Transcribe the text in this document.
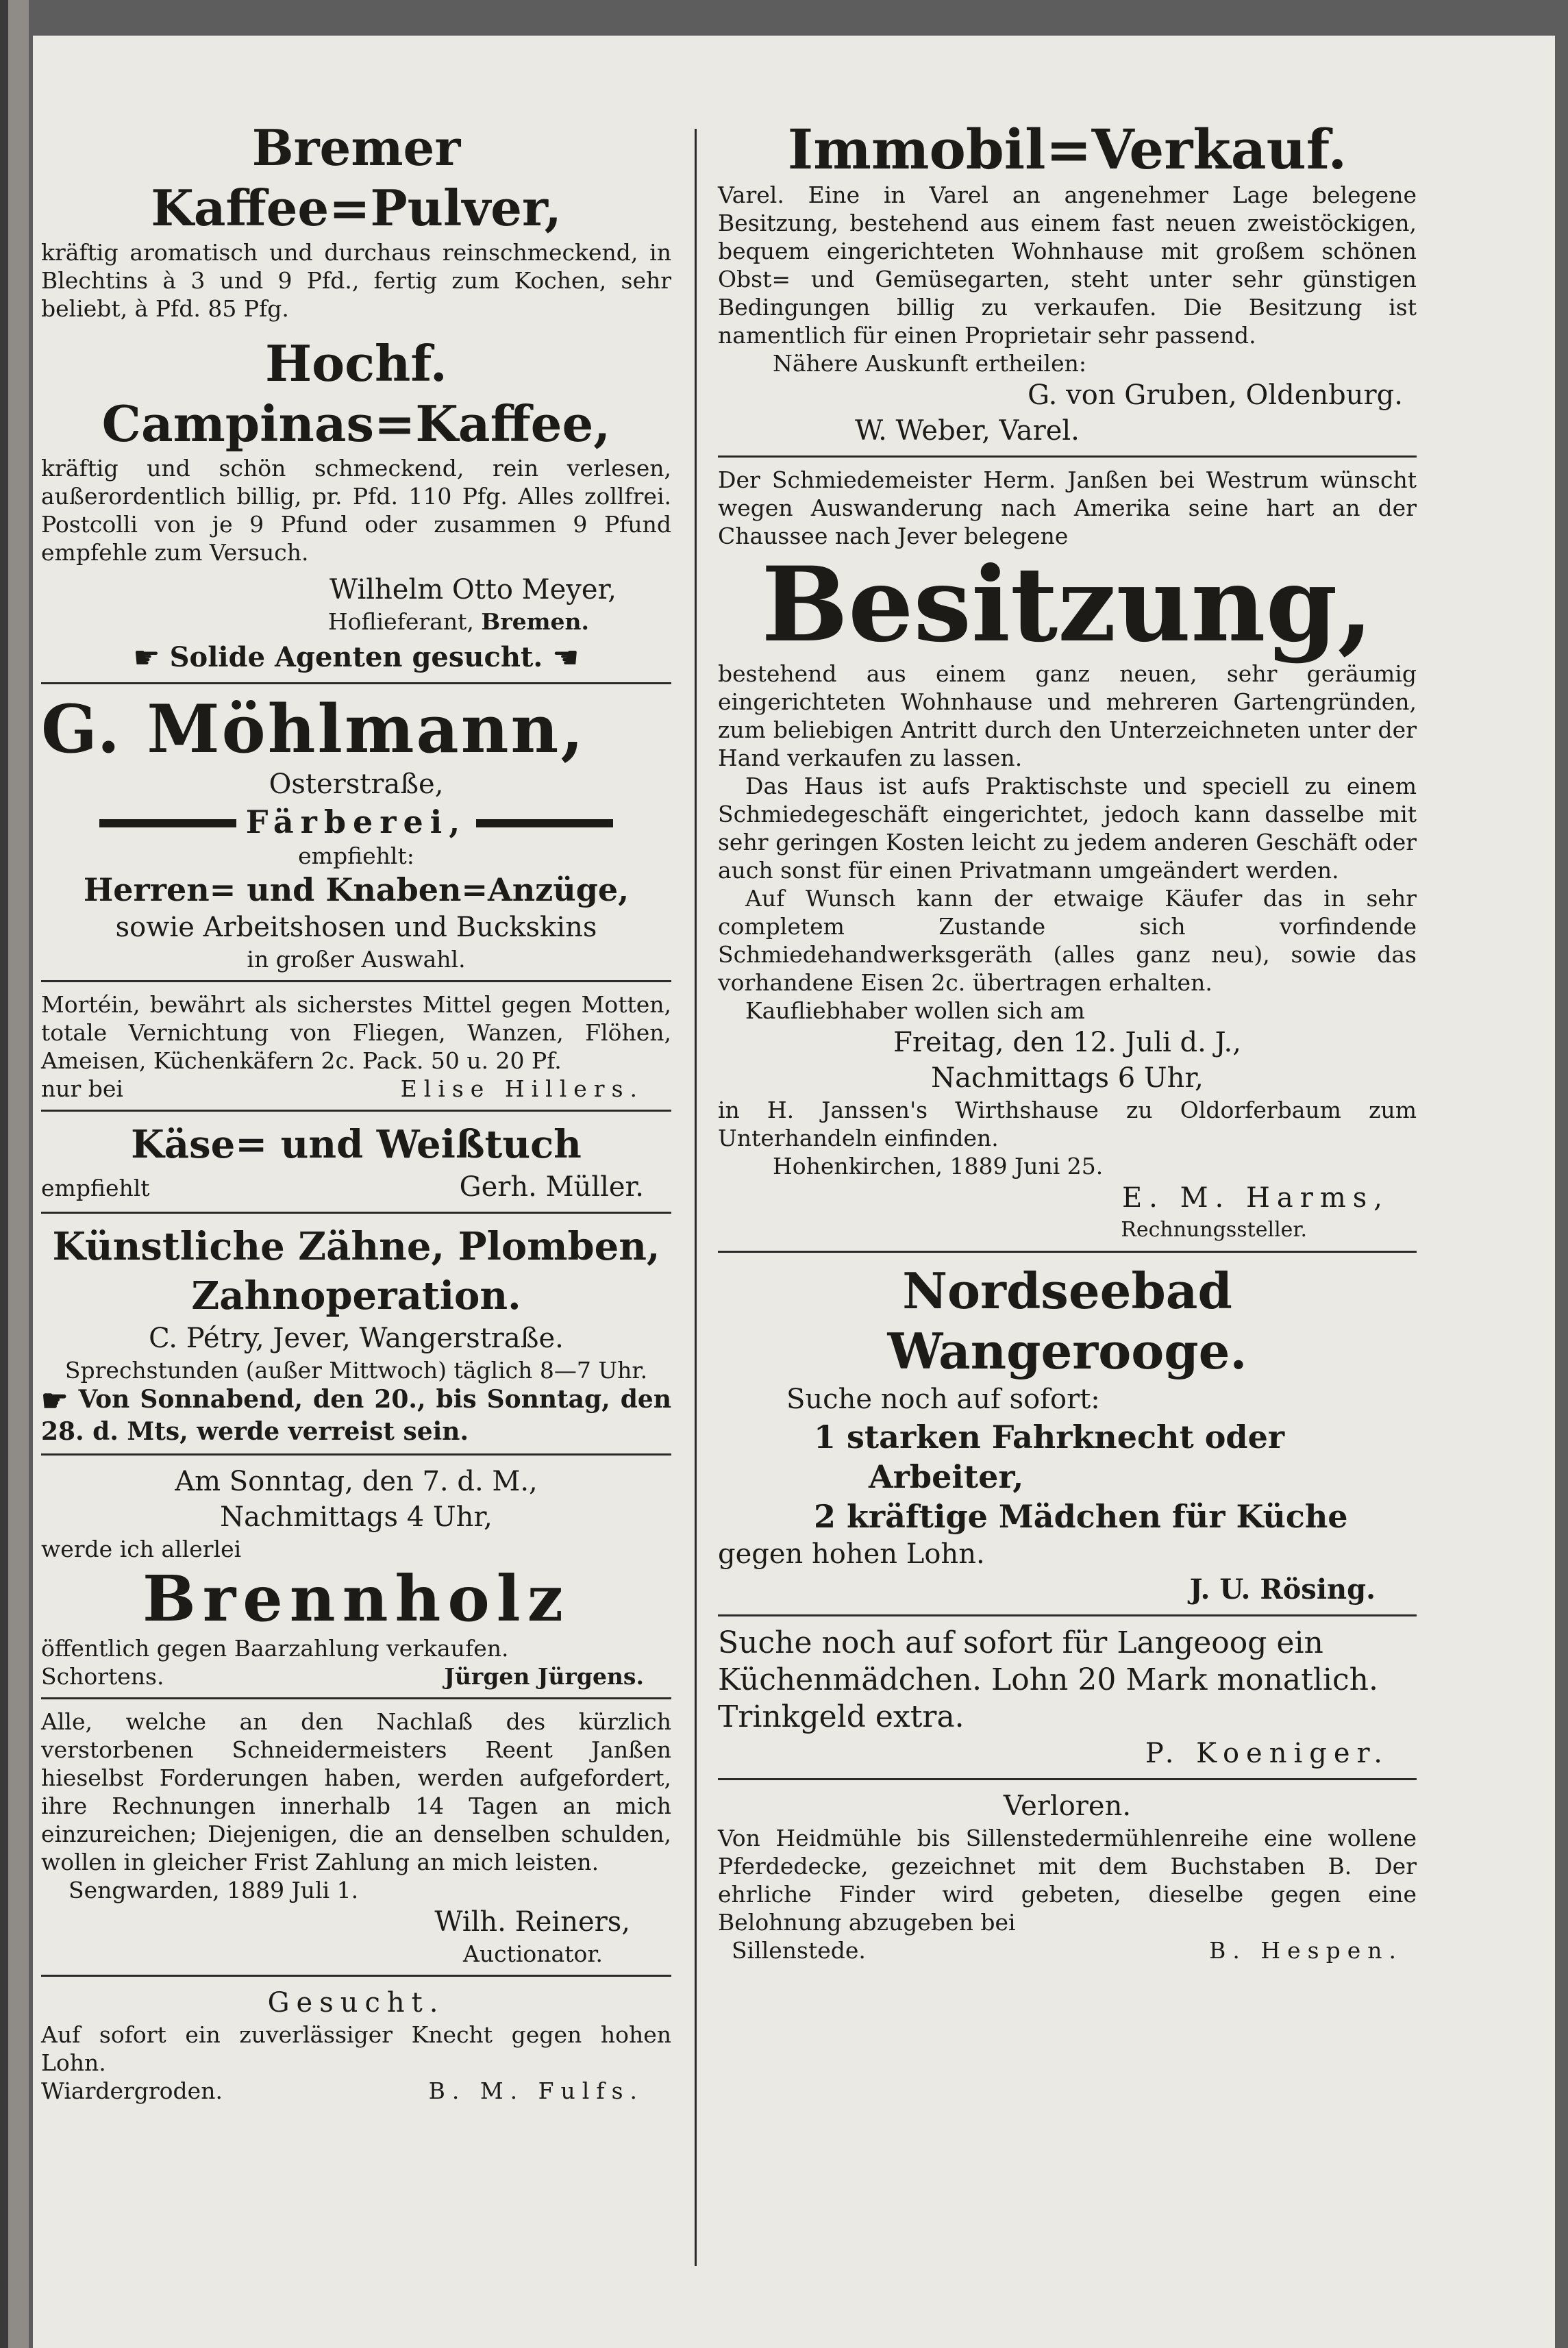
Bremer Kaffee=Pulver,

kräftig aromatisch und durchaus reinschmeckend, in Blechtins à 3 und 9 Pfd., fertig zum Kochen, sehr beliebt, à Pfd. 85 Pfg.

Hochf. Campinas=Kaffee,

kräftig und schön schmeckend, rein verlesen, außerordentlich billig, pr. Pfd. 110 Pfg. Alles zollfrei. Postcolli von je 9 Pfund oder zusammen 9 Pfund empfehle zum Versuch.

Wilhelm Otto Meyer,

Hoflieferant, Bremen.

☛ Solide Agenten gesucht. ☛

G. Möhlmann,

Osterstraße,

Färberei,

empfiehlt:

Herren= und Knaben=Anzüge,

sowie Arbeitshosen und Buckskins

in großer Auswahl.

Mortéin, bewährt als sicherstes Mittel gegen Motten, totale Vernichtung von Fliegen, Wanzen, Flöhen, Ameisen, Küchenkäfern 2c. Pack. 50 u. 20 Pf.

nur bei	Elise Hillers.

Käse= und Weißtuch

empfiehlt	Gerh. Müller.

Künstliche Zähne, Plomben,

Zahnoperation.

C. Pétry, Jever, Wangerstraße.

Sprechstunden (außer Mittwoch) täglich 8—7 Uhr.

☛ Von Sonnabend, den 20., bis Sonntag, den 28. d. Mts, werde verreist sein.

Am Sonntag, den 7. d. M.,

Nachmittags 4 Uhr,

werde ich allerlei

Brennholz

öffentlich gegen Baarzahlung verkaufen.

Schortens.	Jürgen Jürgens.

Alle, welche an den Nachlaß des kürzlich verstorbenen Schneidermeisters Reent Janßen hieselbst Forderungen haben, werden aufgefordert, ihre Rechnungen innerhalb 14 Tagen an mich einzureichen; Diejenigen, die an denselben schulden, wollen in gleicher Frist Zahlung an mich leisten.

Sengwarden, 1889 Juli 1.

Wilh. Reiners,

Auctionator.

Gesucht.

Auf sofort ein zuverlässiger Knecht gegen hohen Lohn.

Wiardergroden.	B. M. Fulfs.

Immobil=Verkauf.

Varel. Eine in Varel an angenehmer Lage belegene Besitzung, bestehend aus einem fast neuen zweistöckigen, bequem eingerichteten Wohnhause mit großem schönen Obst= und Gemüsegarten, steht unter sehr günstigen Bedingungen billig zu verkaufen. Die Besitzung ist namentlich für einen Proprietair sehr passend.

Nähere Auskunft ertheilen:

G. von Gruben, Oldenburg.

W. Weber, Varel.

Der Schmiedemeister Herm. Janßen bei Westrum wünscht wegen Auswanderung nach Amerika seine hart an der Chaussee nach Jever belegene

Besitzung,

bestehend aus einem ganz neuen, sehr geräumig eingerichteten Wohnhause und mehreren Gartengründen, zum beliebigen Antritt durch den Unterzeichneten unter der Hand verkaufen zu lassen.

Das Haus ist aufs Praktischste und speciell zu einem Schmiedegeschäft eingerichtet, jedoch kann dasselbe mit sehr geringen Kosten leicht zu jedem anderen Geschäft oder auch sonst für einen Privatmann umgeändert werden.

Auf Wunsch kann der etwaige Käufer das in sehr completem Zustande sich vorfindende Schmiedehandwerksgeräth (alles ganz neu), sowie das vorhandene Eisen 2c. übertragen erhalten.

Kaufliebhaber wollen sich am

Freitag, den 12. Juli d. J.,

Nachmittags 6 Uhr,

in H. Janssen's Wirthshause zu Oldorferbaum zum Unterhandeln einfinden.

Hohenkirchen, 1889 Juni 25.

E. M. Harms,

Rechnungssteller.

Nordseebad Wangerooge.

Suche noch auf sofort:

1 starken Fahrknecht oder

Arbeiter,

2 kräftige Mädchen für Küche

gegen hohen Lohn.

J. U. Rösing.

Suche noch auf sofort für Langeoog ein Küchenmädchen. Lohn 20 Mark monatlich. Trinkgeld extra.

P. Koeniger.

Verloren.

Von Heidmühle bis Sillenstedermühlenreihe eine wollene Pferdedecke, gezeichnet mit dem Buchstaben B. Der ehrliche Finder wird gebeten, dieselbe gegen eine Belohnung abzugeben bei

Sillenstede.	B. Hespen.
